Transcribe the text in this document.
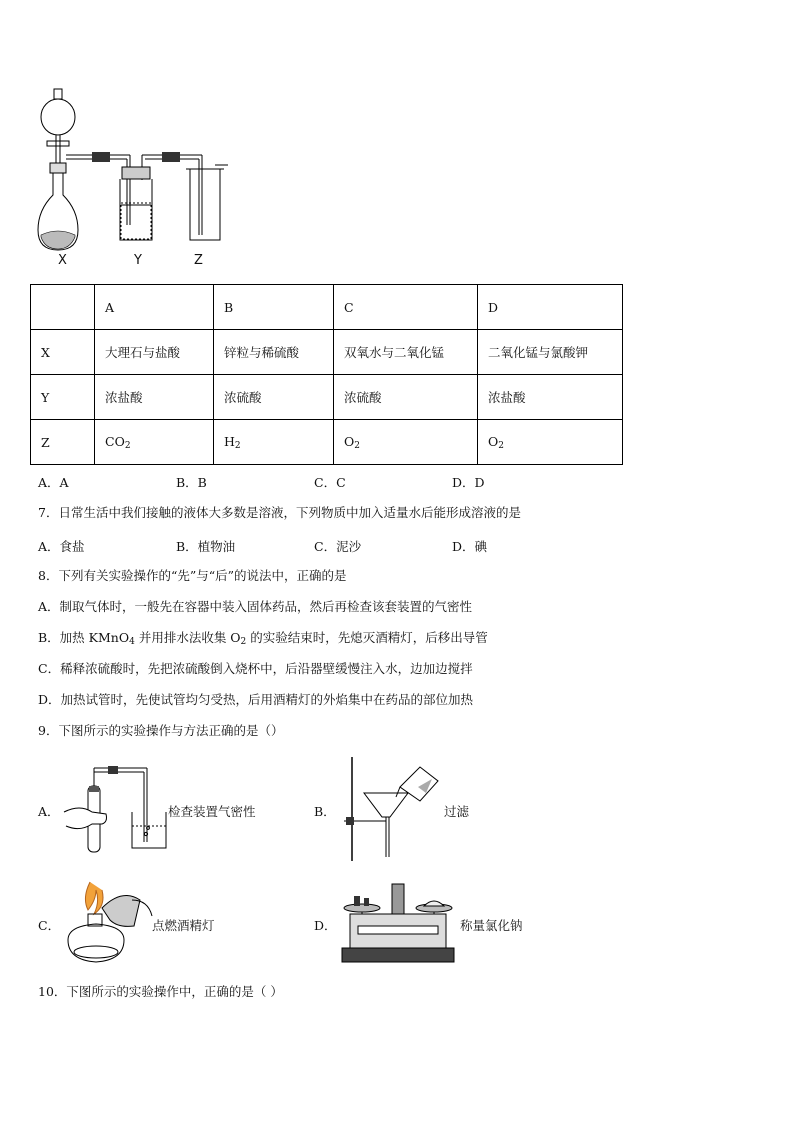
X	Y	Z
	A	B	C	D
X	大理石与盐酸	锌粒与稀硫酸	双氧水与二氧化锰	二氧化锰与氯酸钾
Y	浓盐酸	浓硫酸	浓硫酸	浓盐酸
Z	$CO_2$	$H_2$	$O_2$	$O_2$
A．A	B．B	C．C	D．D
7．日常生活中我们接触的液体大多数是溶液，下列物质中加入适量水后能形成溶液的是
A．食盐	B．植物油	C．泥沙	D．碘
8．下列有关实验操作的“先”与“后”的说法中，正确的是
A．制取气体时，一般先在容器中装入固体药品，然后再检查该套装置的气密性
B．加热 KMnO$_4$ 并用排水法收集 $O_2$ 的实验结束时，先熄灭酒精灯，后移出导管
C．稀释浓硫酸时，先把浓硫酸倒入烧杯中，后沿器壁缓慢注入水，边加边搅拌
D．加热试管时，先使试管均匀受热，后用酒精灯的外焰集中在药品的部位加热
9．下图所示的实验操作与方法正确的是（）
A．	检查装置气密性	B．	过滤
C．	点燃酒精灯	D．	称量氯化钠
10．下图所示的实验操作中，正确的是（ ）
